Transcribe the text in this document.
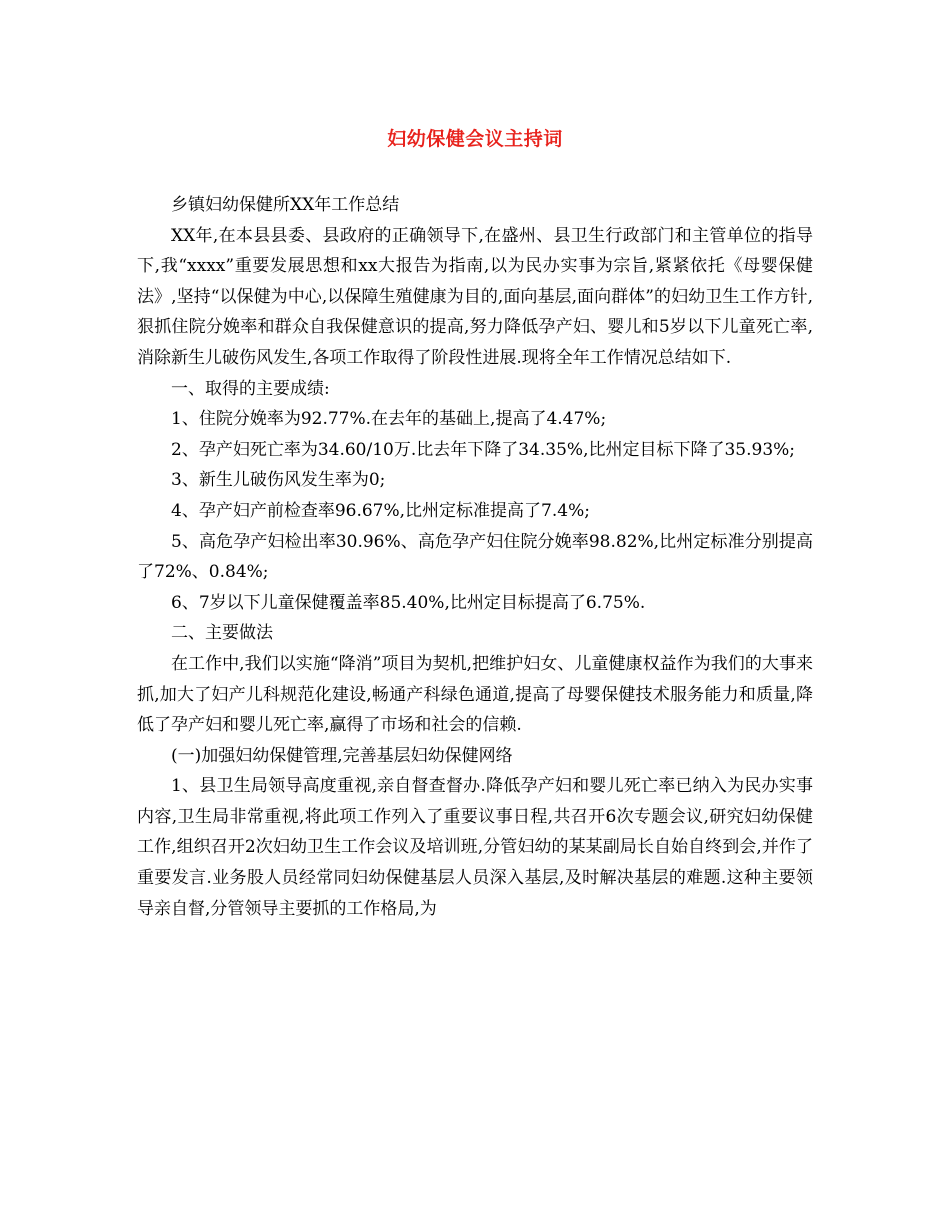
妇幼保健会议主持词

乡镇妇幼保健所XX年工作总结

XX年,在本县县委、县政府的正确领导下,在盛州、县卫生行政部门和主管单位的指导下,我“xxxx”重要发展思想和xx大报告为指南,以为民办实事为宗旨,紧紧依托《母婴保健法》,坚持“以保健为中心,以保障生殖健康为目的,面向基层,面向群体”的妇幼卫生工作方针,狠抓住院分娩率和群众自我保健意识的提高,努力降低孕产妇、婴儿和5岁以下儿童死亡率,消除新生儿破伤风发生,各项工作取得了阶段性进展.现将全年工作情况总结如下.

一、取得的主要成绩:

1、住院分娩率为92.77%.在去年的基础上,提高了4.47%;

2、孕产妇死亡率为34.60/10万.比去年下降了34.35%,比州定目标下降了35.93%;

3、新生儿破伤风发生率为0;

4、孕产妇产前检查率96.67%,比州定标准提高了7.4%;

5、高危孕产妇检出率30.96%、高危孕产妇住院分娩率98.82%,比州定标准分别提高了72%、0.84%;

6、7岁以下儿童保健覆盖率85.40%,比州定目标提高了6.75%.

二、主要做法

在工作中,我们以实施“降消”项目为契机,把维护妇女、儿童健康权益作为我们的大事来抓,加大了妇产儿科规范化建设,畅通产科绿色通道,提高了母婴保健技术服务能力和质量,降低了孕产妇和婴儿死亡率,赢得了市场和社会的信赖.

(一)加强妇幼保健管理,完善基层妇幼保健网络

1、县卫生局领导高度重视,亲自督查督办.降低孕产妇和婴儿死亡率已纳入为民办实事内容,卫生局非常重视,将此项工作列入了重要议事日程,共召开6次专题会议,研究妇幼保健工作,组织召开2次妇幼卫生工作会议及培训班,分管妇幼的某某副局长自始自终到会,并作了 重要发言.业务股人员经常同妇幼保健基层人员深入基层,及时解决基层的难题.这种主要领导亲自督,分管领导主要抓的工作格局,为
